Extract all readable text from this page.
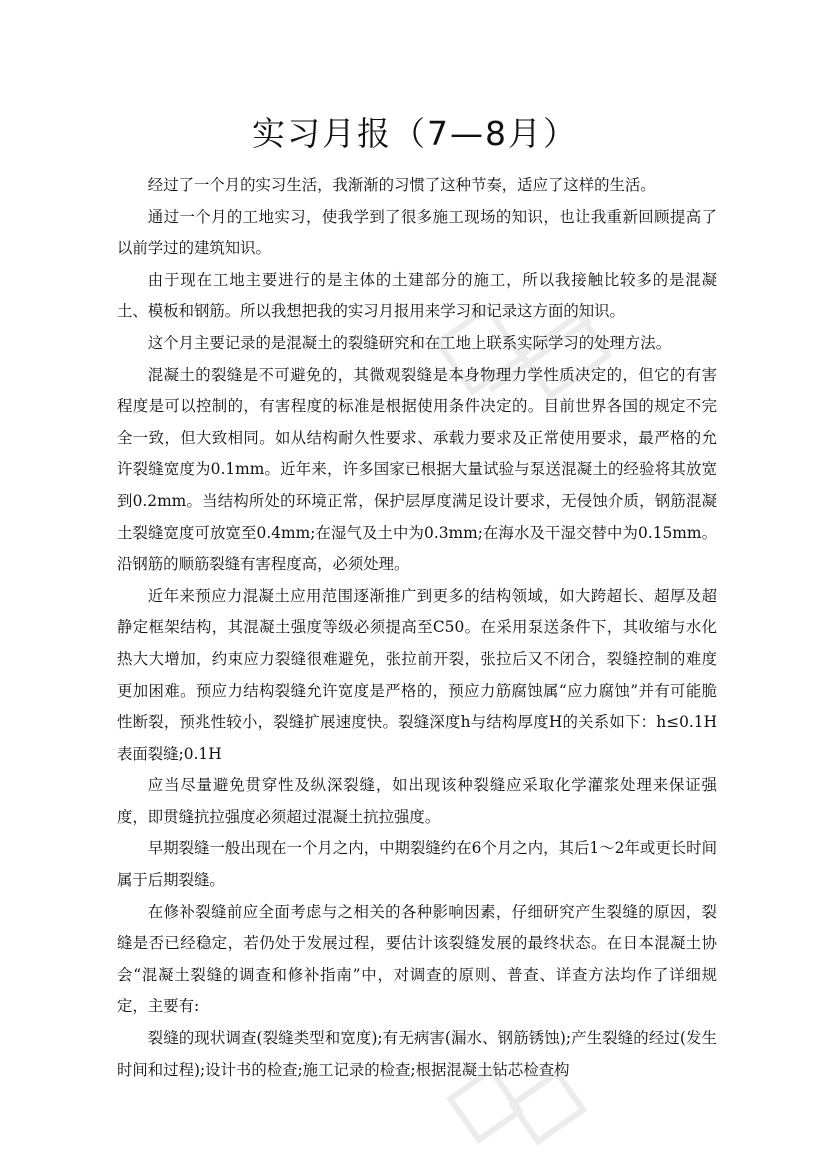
实习月报（7—8月）

经过了一个月的实习生活，我渐渐的习惯了这种节奏，适应了这样的生活。

通过一个月的工地实习，使我学到了很多施工现场的知识，也让我重新回顾提高了以前学过的建筑知识。

由于现在工地主要进行的是主体的土建部分的施工，所以我接触比较多的是混凝土、模板和钢筋。所以我想把我的实习月报用来学习和记录这方面的知识。

这个月主要记录的是混凝土的裂缝研究和在工地上联系实际学习的处理方法。

混凝土的裂缝是不可避免的，其微观裂缝是本身物理力学性质决定的，但它的有害程度是可以控制的，有害程度的标准是根据使用条件决定的。目前世界各国的规定不完全一致，但大致相同。如从结构耐久性要求、承载力要求及正常使用要求，最严格的允许裂缝宽度为0.1mm。近年来，许多国家已根据大量试验与泵送混凝土的经验将其放宽到0.2mm。当结构所处的环境正常，保护层厚度满足设计要求，无侵蚀介质，钢筋混凝土裂缝宽度可放宽至0.4mm;在湿气及土中为0.3mm;在海水及干湿交替中为0.15mm。沿钢筋的顺筋裂缝有害程度高，必须处理。

近年来预应力混凝土应用范围逐渐推广到更多的结构领域，如大跨超长、超厚及超静定框架结构，其混凝土强度等级必须提高至C50。在采用泵送条件下，其收缩与水化热大大增加，约束应力裂缝很难避免，张拉前开裂，张拉后又不闭合，裂缝控制的难度更加困难。预应力结构裂缝允许宽度是严格的，预应力筋腐蚀属“应力腐蚀”并有可能脆性断裂，预兆性较小，裂缝扩展速度快。裂缝深度h与结构厚度H的关系如下：h≤0.1H表面裂缝;0.1H

应当尽量避免贯穿性及纵深裂缝，如出现该种裂缝应采取化学灌浆处理来保证强度，即贯缝抗拉强度必须超过混凝土抗拉强度。

早期裂缝一般出现在一个月之内，中期裂缝约在6个月之内，其后1～2年或更长时间属于后期裂缝。

在修补裂缝前应全面考虑与之相关的各种影响因素，仔细研究产生裂缝的原因，裂缝是否已经稳定，若仍处于发展过程，要估计该裂缝发展的最终状态。在日本混凝土协会“混凝土裂缝的调查和修补指南”中，对调查的原则、普查、详查方法均作了详细规定，主要有:

裂缝的现状调查(裂缝类型和宽度);有无病害(漏水、钢筋锈蚀);产生裂缝的经过(发生时间和过程);设计书的检查;施工记录的检查;根据混凝土钻芯检查构
